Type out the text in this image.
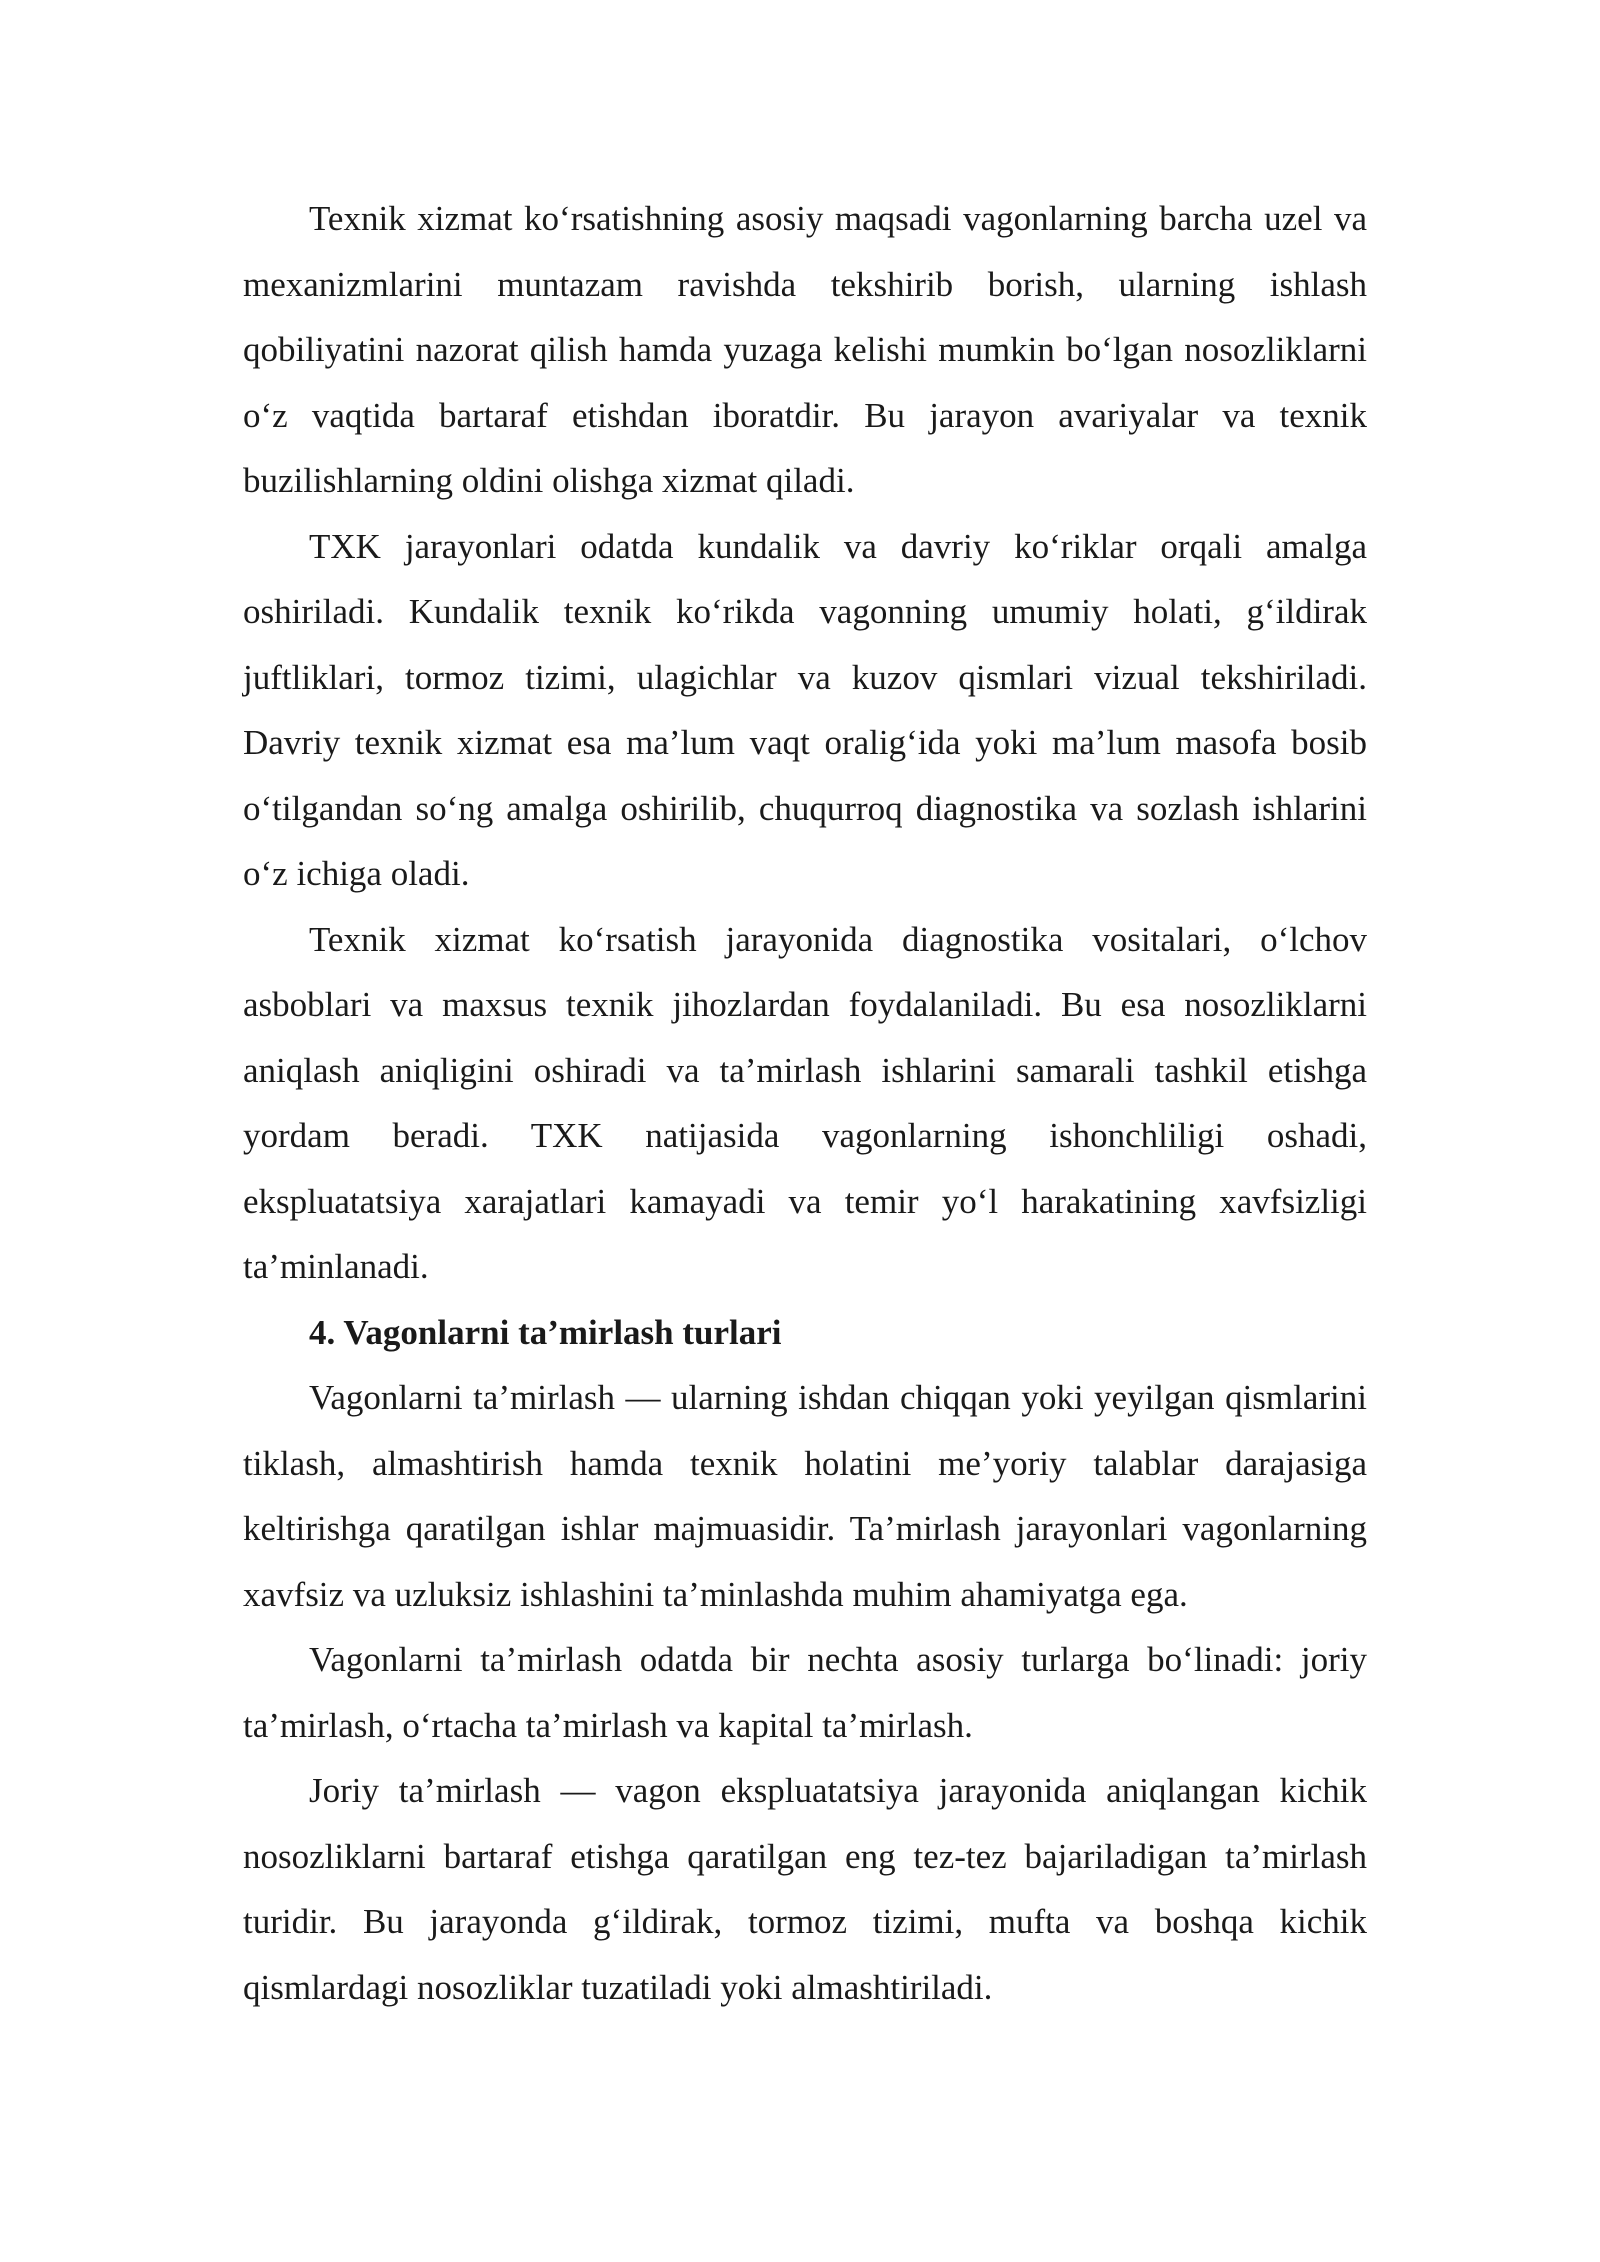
Texnik xizmat ko‘rsatishning asosiy maqsadi vagonlarning barcha uzel va mexanizmlarini muntazam ravishda tekshirib borish, ularning ishlash qobiliyatini nazorat qilish hamda yuzaga kelishi mumkin bo‘lgan nosozliklarni o‘z vaqtida bartaraf etishdan iboratdir. Bu jarayon avariyalar va texnik buzilishlarning oldini olishga xizmat qiladi.

TXK jarayonlari odatda kundalik va davriy ko‘riklar orqali amalga oshiriladi. Kundalik texnik ko‘rikda vagonning umumiy holati, g‘ildirak juftliklari, tormoz tizimi, ulagichlar va kuzov qismlari vizual tekshiriladi. Davriy texnik xizmat esa ma’lum vaqt oralig‘ida yoki ma’lum masofa bosib o‘tilgandan so‘ng amalga oshirilib, chuqurroq diagnostika va sozlash ishlarini o‘z ichiga oladi.

Texnik xizmat ko‘rsatish jarayonida diagnostika vositalari, o‘lchov asboblari va maxsus texnik jihozlardan foydalaniladi. Bu esa nosozliklarni aniqlash aniqligini oshiradi va ta’mirlash ishlarini samarali tashkil etishga yordam beradi. TXK natijasida vagonlarning ishonchliligi oshadi, ekspluatatsiya xarajatlari kamayadi va temir yo‘l harakatining xavfsizligi ta’minlanadi.

4. Vagonlarni ta’mirlash turlari

Vagonlarni ta’mirlash — ularning ishdan chiqqan yoki yeyilgan qismlarini tiklash, almashtirish hamda texnik holatini me’yoriy talablar darajasiga keltirishga qaratilgan ishlar majmuasidir. Ta’mirlash jarayonlari vagonlarning xavfsiz va uzluksiz ishlashini ta’minlashda muhim ahamiyatga ega.

Vagonlarni ta’mirlash odatda bir nechta asosiy turlarga bo‘linadi: joriy ta’mirlash, o‘rtacha ta’mirlash va kapital ta’mirlash.

Joriy ta’mirlash — vagon ekspluatatsiya jarayonida aniqlangan kichik nosozliklarni bartaraf etishga qaratilgan eng tez-tez bajariladigan ta’mirlash turidir. Bu jarayonda g‘ildirak, tormoz tizimi, mufta va boshqa kichik qismlardagi nosozliklar tuzatiladi yoki almashtiriladi.
